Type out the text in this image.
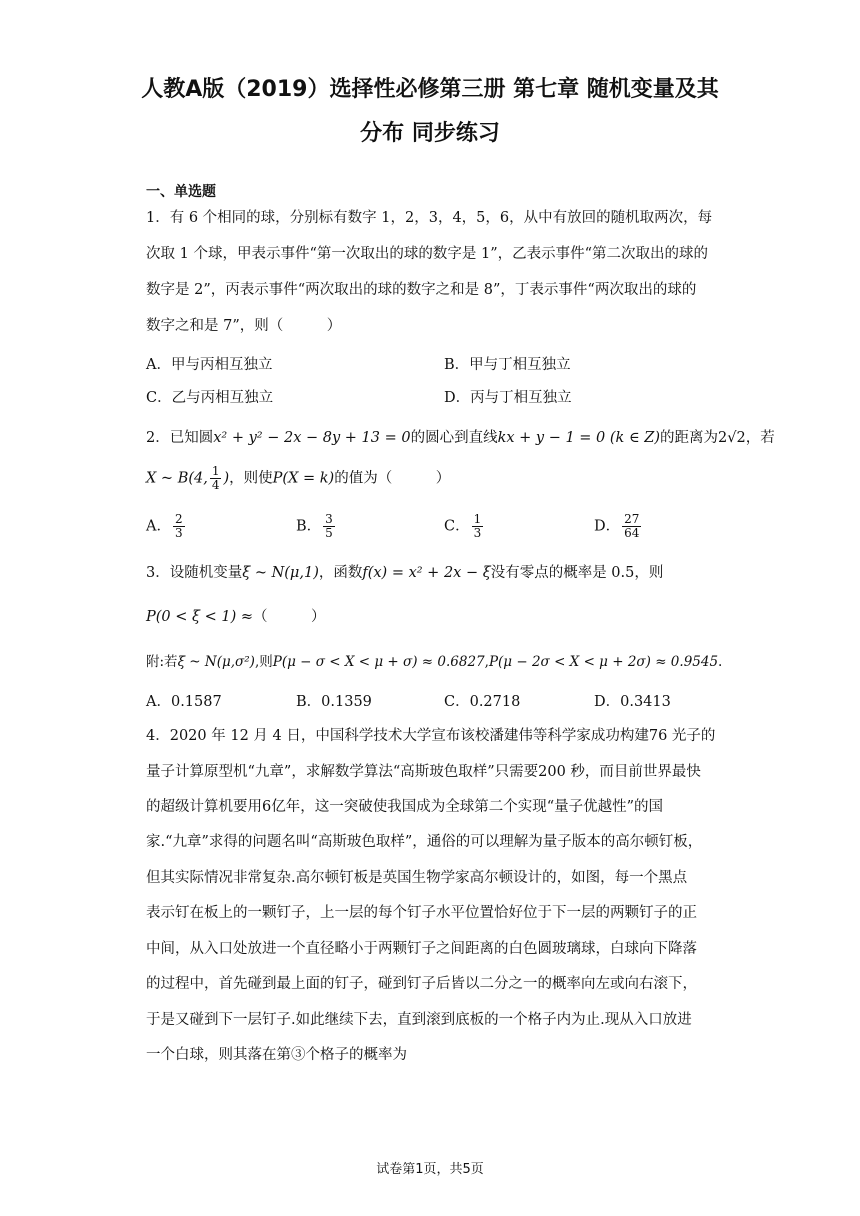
人教A版（2019）选择性必修第三册 第七章 随机变量及其
分布 同步练习
一、单选题
1．有 6 个相同的球，分别标有数字 1，2，3，4，5，6，从中有放回的随机取两次，每
次取 1 个球，甲表示事件“第一次取出的球的数字是 1”，乙表示事件“第二次取出的球的
数字是 2”，丙表示事件“两次取出的球的数字之和是 8”，丁表示事件“两次取出的球的
数字之和是 7”，则（　　　）
A．甲与丙相互独立	B．甲与丁相互独立
C．乙与丙相互独立	D．丙与丁相互独立
2．已知圆x² + y² − 2x − 8y + 13 = 0的圆心到直线kx + y − 1 = 0 (k ∈ Z)的距离为2√2，若
X ~ B(4, $\frac{1}{4}$ )，则使P(X = k)的值为（　　　）
A． $\frac{2}{3}$	B． $\frac{3}{5}$	C． $\frac{1}{3}$	D． $\frac{27}{64}$
3．设随机变量ξ ~ N(μ,1)，函数f(x) = x² + 2x − ξ没有零点的概率是 0.5，则
P(0 < ξ < 1) ≈（　　　）
附:若ξ ~ N(μ,σ²),则P(μ − σ < X < μ + σ) ≈ 0.6827,P(μ − 2σ < X < μ + 2σ) ≈ 0.9545.
A．0.1587	B．0.1359	C．0.2718	D．0.3413
4．2020 年 12 月 4 日，中国科学技术大学宣布该校潘建伟等科学家成功构建76 光子的
量子计算原型机“九章”，求解数学算法“高斯玻色取样”只需要200 秒，而目前世界最快
的超级计算机要用6亿年，这一突破使我国成为全球第二个实现“量子优越性”的国
家.“九章”求得的问题名叫“高斯玻色取样”，通俗的可以理解为量子版本的高尔顿钉板，
但其实际情况非常复杂.高尔顿钉板是英国生物学家高尔顿设计的，如图，每一个黑点
表示钉在板上的一颗钉子，上一层的每个钉子水平位置恰好位于下一层的两颗钉子的正
中间，从入口处放进一个直径略小于两颗钉子之间距离的白色圆玻璃球，白球向下降落
的过程中，首先碰到最上面的钉子，碰到钉子后皆以二分之一的概率向左或向右滚下，
于是又碰到下一层钉子.如此继续下去，直到滚到底板的一个格子内为止.现从入口放进
一个白球，则其落在第③个格子的概率为
试卷第1页，共5页
